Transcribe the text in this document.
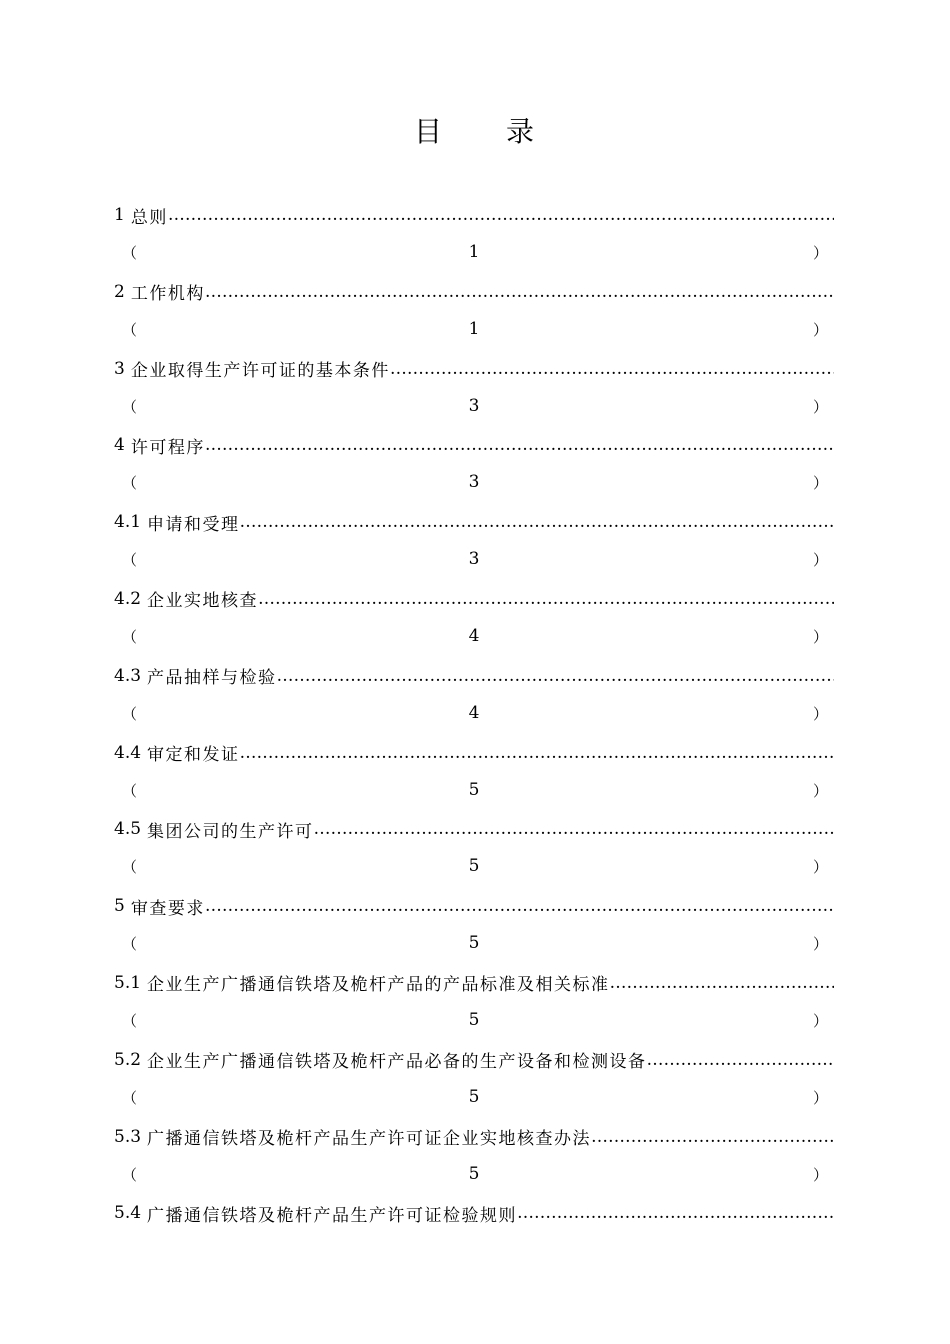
目 录
1 总则
………………………………………………………………………………………………………………………………………………………………………………
（	1	）
2 工作机构
………………………………………………………………………………………………………………………………………………………………………………
（	1	）
3 企业取得生产许可证的基本条件
………………………………………………………………………………………………………………………………………………………………………………
（	3	）
4 许可程序
………………………………………………………………………………………………………………………………………………………………………………
（	3	）
4.1 申请和受理
………………………………………………………………………………………………………………………………………………………………………………
（	3	）
4.2 企业实地核查
………………………………………………………………………………………………………………………………………………………………………………
（	4	）
4.3 产品抽样与检验
………………………………………………………………………………………………………………………………………………………………………………
（	4	）
4.4 审定和发证
………………………………………………………………………………………………………………………………………………………………………………
（	5	）
4.5 集团公司的生产许可
………………………………………………………………………………………………………………………………………………………………………………
（	5	）
5 审查要求
………………………………………………………………………………………………………………………………………………………………………………
（	5	）
5.1 企业生产广播通信铁塔及桅杆产品的产品标准及相关标准
………………………………………………………………………………………………………………………………………………………………………………
（	5	）
5.2 企业生产广播通信铁塔及桅杆产品必备的生产设备和检测设备
………………………………………………………………………………………………………………………………………………………………………………
（	5	）
5.3 广播通信铁塔及桅杆产品生产许可证企业实地核查办法
………………………………………………………………………………………………………………………………………………………………………………
（	5	）
5.4 广播通信铁塔及桅杆产品生产许可证检验规则
………………………………………………………………………………………………………………………………………………………………………………
